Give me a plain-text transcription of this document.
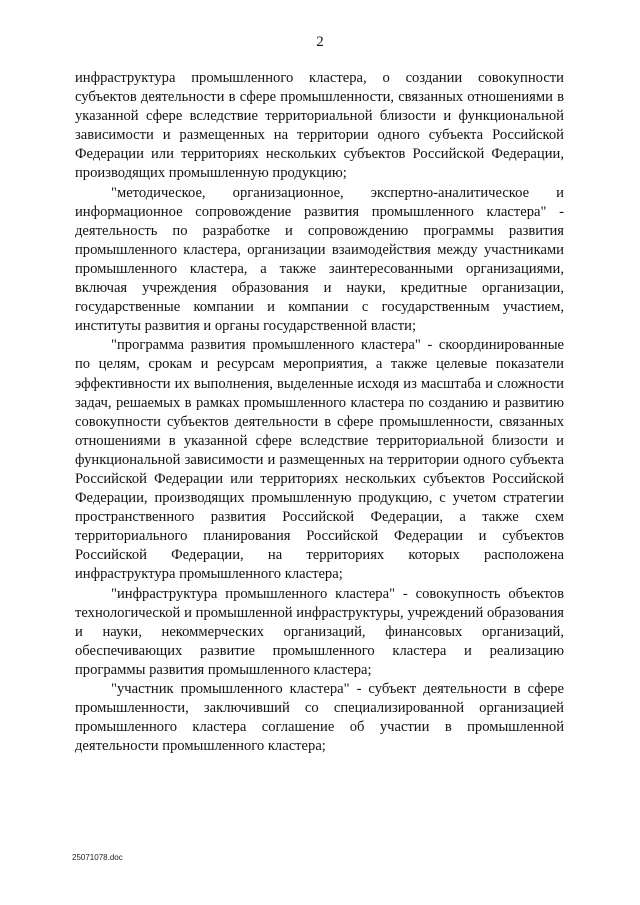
2

инфраструктура промышленного кластера, о создании совокупности субъектов деятельности в сфере промышленности, связанных отношениями в указанной сфере вследствие территориальной близости и функциональной зависимости и размещенных на территории одного субъекта Российской Федерации или территориях нескольких субъектов Российской Федерации, производящих промышленную продукцию;

"методическое, организационное, экспертно-аналитическое и информационное сопровождение развития промышленного кластера" - деятельность по разработке и сопровождению программы развития промышленного кластера, организации взаимодействия между участниками промышленного кластера, а также заинтересованными организациями, включая учреждения образования и науки, кредитные организации, государственные компании и компании с государственным участием, институты развития и органы государственной власти;

"программа развития промышленного кластера" - скоординированные по целям, срокам и ресурсам мероприятия, а также целевые показатели эффективности их выполнения, выделенные исходя из масштаба и сложности задач, решаемых в рамках промышленного кластера по созданию и развитию совокупности субъектов деятельности в сфере промышленности, связанных отношениями в указанной сфере вследствие территориальной близости и функциональной зависимости и размещенных на территории одного субъекта Российской Федерации или территориях нескольких субъектов Российской Федерации, производящих промышленную продукцию, с учетом стратегии пространственного развития Российской Федерации, а также схем территориального планирования Российской Федерации и субъектов Российской Федерации, на территориях которых расположена инфраструктура промышленного кластера;

"инфраструктура промышленного кластера" - совокупность объектов технологической и промышленной инфраструктуры, учреждений образования и науки, некоммерческих организаций, финансовых организаций, обеспечивающих развитие промышленного кластера и реализацию программы развития промышленного кластера;

"участник промышленного кластера" - субъект деятельности в сфере промышленности, заключивший со специализированной организацией промышленного кластера соглашение об участии в промышленной деятельности промышленного кластера;

25071078.doc
